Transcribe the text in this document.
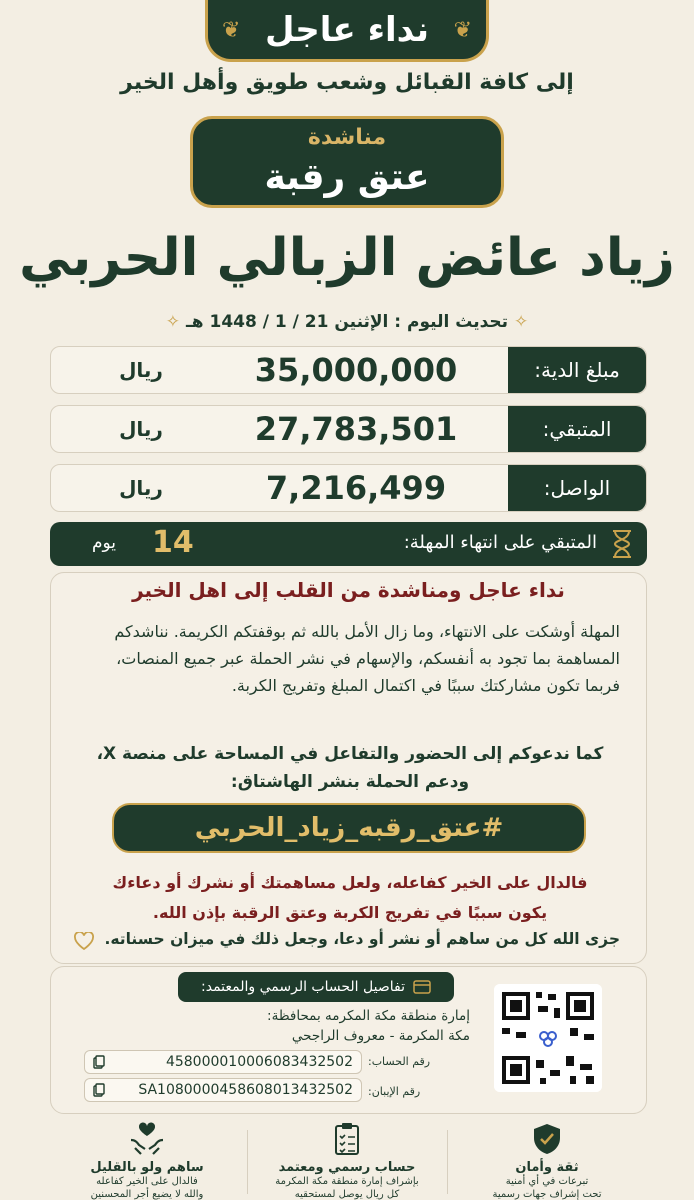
❦
نداء عاجل
❦
إلى كافة القبائل وشعب طويق وأهل الخير
مناشدة
عتق رقبة
زياد عائض الزبالي الحربي
✧ تحديث اليوم : الإثنين 21 / 1 / 1448 هـ ✧
مبلغ الدية:
35,000,000
ريال
المتبقي:
27,783,501
ريال
الواصل:
7,216,499
ريال
المتبقي على انتهاء المهلة:
14
يوم
نداء عاجل ومناشدة من القلب إلى اهل الخير
المهلة أوشكت على الانتهاء، وما زال الأمل بالله ثم بوقفتكم الكريمة. نناشدكم المساهمة بما تجود به أنفسكم، والإسهام في نشر الحملة عبر جميع المنصات، فربما تكون مشاركتك سببًا في اكتمال المبلغ وتفريج الكربة.
كما ندعوكم إلى الحضور والتفاعل في المساحة على منصة X،
ودعم الحملة بنشر الهاشتاق:
#عتق_رقبه_زياد_الحربي
فالدال على الخير كفاعله، ولعل مساهمتك أو نشرك أو دعاءك
يكون سببًا في تفريج الكربة وعتق الرقبة بإذن الله.
جزى الله كل من ساهم أو نشر أو دعا، وجعل ذلك في ميزان حسناته.
تفاصيل الحساب الرسمي والمعتمد:
إمارة منطقة مكة المكرمه بمحافظة:
مكة المكرمة - معروف الراجحي
رقم الحساب:
458000010006083432502
رقم الإيبان:
SA1080000458608013432502
ثقة وأمان
تبرعات في أي أمنية
تحت إشراف جهات رسمية
حساب رسمي ومعتمد
بإشراف إمارة منطقة مكة المكرمة
كل ريال يوصل لمستحقيه
ساهم ولو بالقليل
فالدال على الخير كفاعله
والله لا يضيع أجر المحسنين
